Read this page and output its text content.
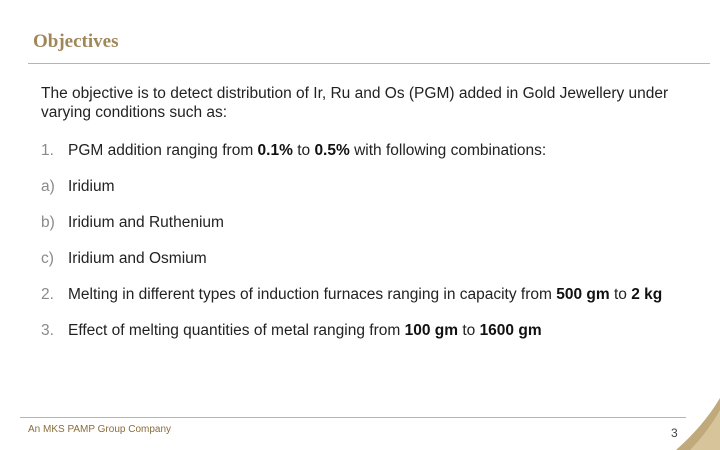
Objectives
The objective is to detect distribution of Ir, Ru and Os (PGM) added in Gold Jewellery under varying conditions such as:
1. PGM addition ranging from 0.1% to 0.5% with following combinations:
a) Iridium
b) Iridium and Ruthenium
c) Iridium and Osmium
2. Melting in different types of induction furnaces ranging in capacity from 500 gm to 2 kg
3. Effect of melting quantities of metal ranging from 100 gm to 1600 gm
An MKS PAMP Group Company	3
